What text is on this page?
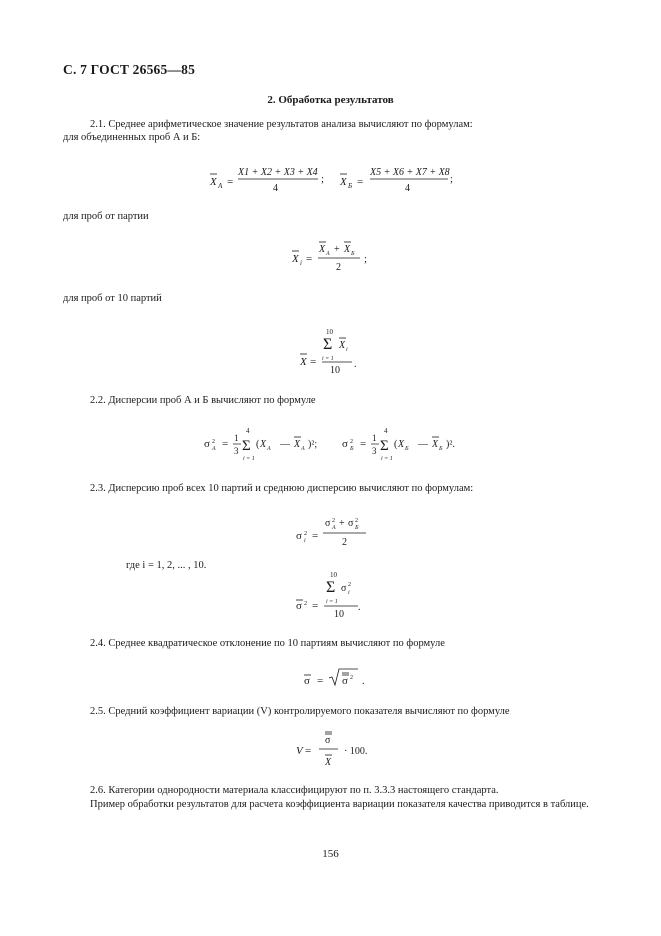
С. 7 ГОСТ 26565—85
2. Обработка результатов
2.1. Среднее арифметическое значение результатов анализа вычисляют по формулам:
для объединенных проб А и Б:
X A =
X1 + X2 + X3 + X4
4
; X Б =
X5 + X6 + X7 + X8
4
;
для проб от партии
X i =
X А + X Б
2
;
для проб от 10 партий
10
Σ X i
i = 1
X =
10
.
2.2. Дисперсии проб А и Б вычисляют по формуле
σ 2
А = 1
3
4
Σ
i = 1
( X А — X А )²; σ 2
Б = 1
3
4
Σ
i = 1
( X Б — X Б )².
2.3. Дисперсию проб всех 10 партий и среднюю дисперсию вычисляют по формулам:
σ 2
i =
σ 2
A + σ 2
Б
2
где i = 1, 2, ... , 10.
10
Σ σ 2
i
i = 1
σ 2 =
10
.
2.4. Среднее квадратическое отклонение по 10 партиям вычисляют по формуле
σ = σ 2 .
2.5. Средний коэффициент вариации (V) контролируемого показателя вычисляют по формуле
V =
σ
X
· 100.
2.6. Категории однородности материала классифицируют по п. 3.3.3 настоящего стандарта.
Пример обработки результатов для расчета коэффициента вариации показателя качества приводится в таблице.
156
